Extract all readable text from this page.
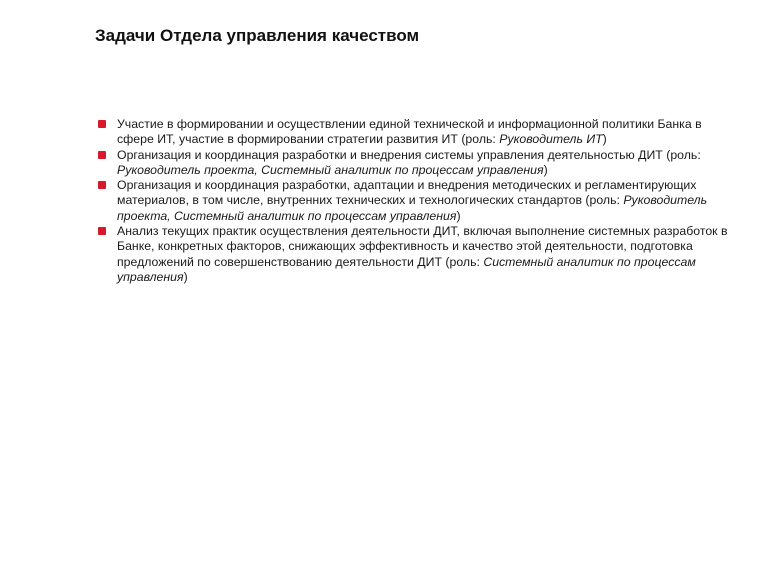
Задачи Отдела управления качеством
Участие в формировании и осуществлении единой технической и информационной политики Банка в сфере ИТ, участие в формировании стратегии развития ИТ (роль: Руководитель ИТ)
Организация и координация разработки и внедрения системы управления деятельностью ДИТ (роль: Руководитель проекта, Системный аналитик по процессам управления)
Организация и координация разработки, адаптации и внедрения методических и регламентирующих материалов, в том числе, внутренних технических и технологических стандартов (роль: Руководитель проекта, Системный аналитик по процессам управления)
Анализ текущих практик осуществления деятельности ДИТ, включая выполнение системных разработок в Банке, конкретных факторов, снижающих эффективность и качество этой деятельности, подготовка предложений по совершенствованию деятельности ДИТ (роль: Системный аналитик по процессам управления)
